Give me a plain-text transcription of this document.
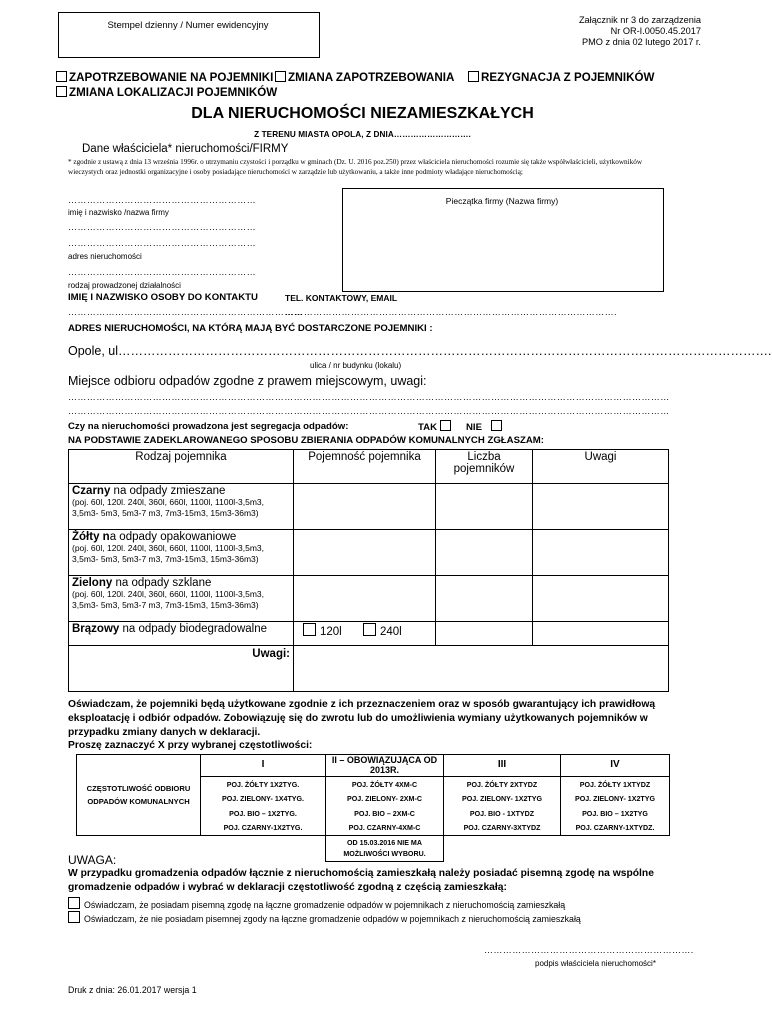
Stempel dzienny / Numer ewidencyjny	Załącznik nr 3 do zarządzenia
Nr OR-I.0050.45.2017
PMO z dnia 02 lutego 2017 r.
ZAPOTRZEBOWANIE NA POJEMNIKI	ZMIANA ZAPOTRZEBOWANIA	REZYGNACJA Z POJEMNIKÓW
ZMIANA LOKALIZACJI POJEMNIKÓW
DLA NIERUCHOMOŚCI NIEZAMIESZKAŁYCH
Z TERENU MIASTA OPOLA, Z DNIA……………………….
Dane właściciela* nieruchomości/FIRMY
* zgodnie z ustawą z dnia 13 września 1996r. o utrzymaniu czystości i porządku w gminach (Dz. U. 2016 poz.250) przez właściciela nieruchomości rozumie się także współwłaścicieli, użytkowników wieczystych oraz jednostki organizacyjne i osoby posiadające nieruchomości w zarządzie lub użytkowaniu, a także inne podmioty władające nieruchomością;
……………………………………………………
imię i nazwisko /nazwa firmy
……………………………………………………
……………………………………………………
adres nieruchomości
……………………………………………………
rodzaj prowadzonej działalności
Pieczątka firmy (Nazwa firmy)
IMIĘ I NAZWISKO OSOBY DO KONTAKTU	TEL. KONTAKTOWY, EMAIL
…………………………………………………………………
…………………………………………………………………………………………….
ADRES NIERUCHOMOŚCI, NA KTÓRĄ MAJĄ BYĆ DOSTARCZONE POJEMNIKI :
Opole, ul………………………………………………………………………………………………………………………………………….
ulica / nr budynku (lokalu)
Miejsce odbioru odpadów zgodne z prawem miejscowym, uwagi:
…………………………………………………………………………………………………………………………………………………………………………
…………………………………………………………………………………………………………………………………………………………………………
Czy na nieruchomości prowadzona jest segregacja odpadów:	TAK	NIE
NA PODSTAWIE ZADEKLAROWANEGO SPOSOBU ZBIERANIA ODPADÓW KOMUNALNYCH ZGŁASZAM:
Rodzaj pojemnika	Pojemność pojemnika	Liczba pojemników	Uwagi

Czarny na odpady zmieszane
(poj. 60l, 120l. 240l, 360l, 660l, 1100l, 1100l-3,5m3, 3,5m3- 5m3, 5m3-7 m3, 7m3-15m3, 15m3-36m3)			

Żółty na odpady opakowaniowe
(poj. 60l, 120l. 240l, 360l, 660l, 1100l, 1100l-3,5m3, 3,5m3- 5m3, 5m3-7 m3, 7m3-15m3, 15m3-36m3)			

Zielony na odpady szklane
(poj. 60l, 120l. 240l, 360l, 660l, 1100l, 1100l-3,5m3, 3,5m3- 5m3, 5m3-7 m3, 7m3-15m3, 15m3-36m3)			

Brązowy na odpady biodegradowalne	120l 240l		
Uwagi:			
Oświadczam, że pojemniki będą użytkowane zgodnie z ich przeznaczeniem oraz w sposób gwarantujący ich prawidłową eksploatację i odbiór odpadów. Zobowiązuję się do zwrotu lub do umożliwienia wymiany użytkowanych pojemników w przypadku zmiany danych w deklaracji.
Proszę zaznaczyć X przy wybranej częstotliwości:
CZĘSTOTLIWOŚĆ ODBIORU
ODPADÓW KOMUNALNYCH	I	II – OBOWIĄZUJĄCA OD 2013R.	III	IV
	POJ. ŻÓŁTY 1X2TYG.	POJ. ŻÓŁTY 4XM-C	POJ. ŻÓŁTY 2XTYDZ	POJ. ŻÓŁTY 1XTYDZ
	POJ. ZIELONY- 1X4TYG.	POJ. ZIELONY- 2XM-C	POJ. ZIELONY- 1X2TYG	POJ. ZIELONY- 1X2TYG
	POJ. BIO – 1X2TYG.	POJ. BIO – 2XM-C	POJ. BIO - 1XTYDZ	POJ. BIO – 1X2TYG
	POJ. CZARNY-1X2TYG.	POJ. CZARNY-4XM-C	POJ. CZARNY-3XTYDZ	POJ. CZARNY-1XTYDZ.

		OD 15.03.2016 NIE MA
MOŻLIWOŚCI WYBORU.		

UWAGA:
W przypadku gromadzenia odpadów łącznie z nieruchomością zamieszkałą należy posiadać pisemną zgodę na wspólne gromadzenie odpadów i wybrać w deklaracji częstotliwość zgodną z częścią zamieszkałą:
Oświadczam, że posiadam pisemną zgodę na łączne gromadzenie odpadów w pojemnikach z nieruchomością zamieszkałą
Oświadczam, że nie posiadam pisemnej zgody na łączne gromadzenie odpadów w pojemnikach z nieruchomością zamieszkałą
………………………………………………………….
podpis właściciela nieruchomości*
Druk z dnia: 26.01.2017 wersja 1
